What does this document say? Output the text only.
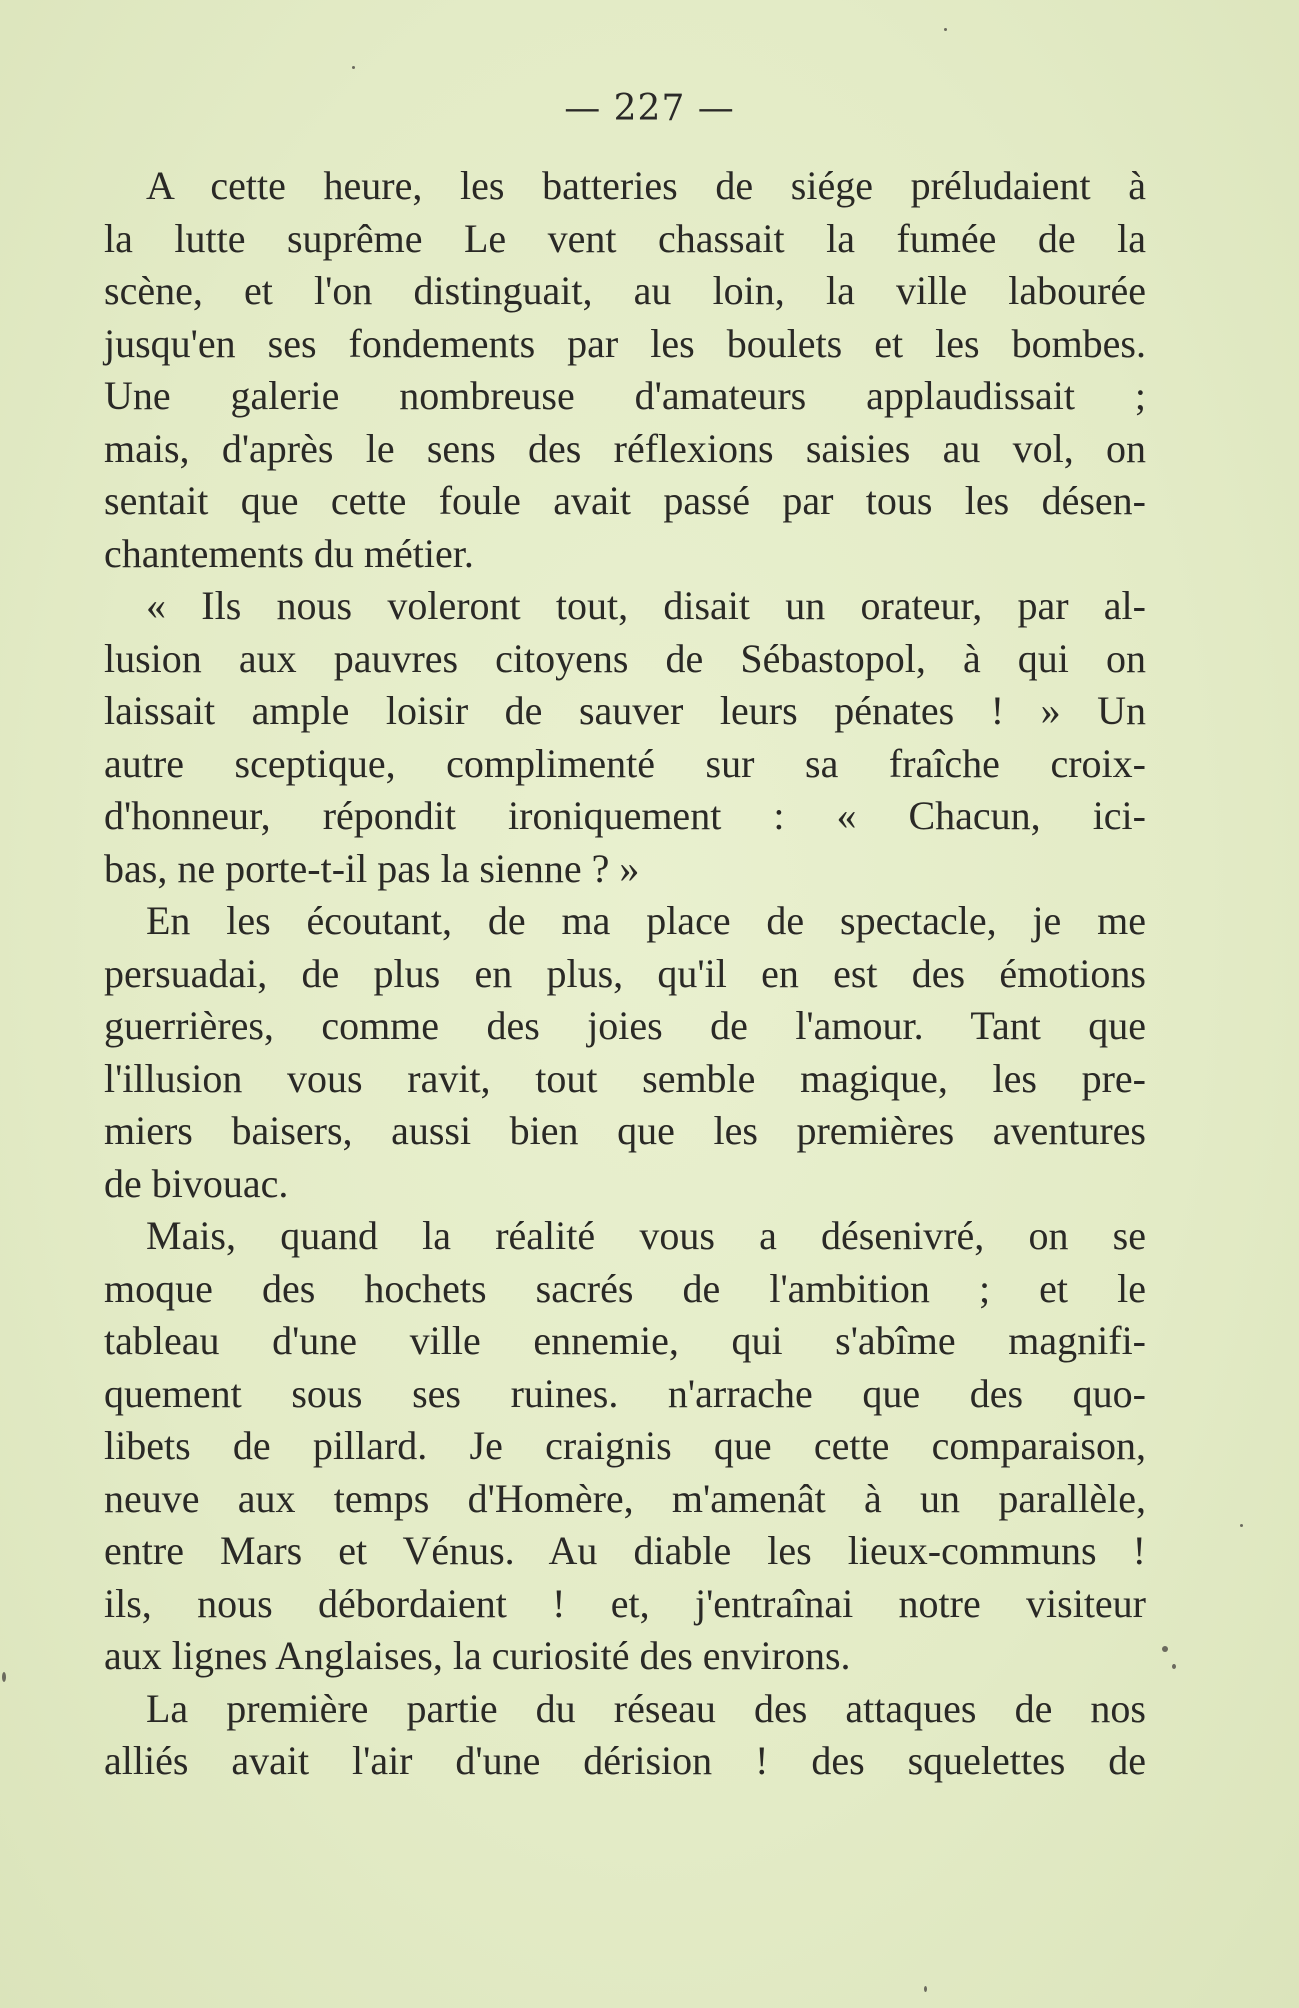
— 227 —

A cette heure, les batteries de siége préludaient à
la lutte suprême Le vent chassait la fumée de la
scène, et l'on distinguait, au loin, la ville labourée
jusqu'en ses fondements par les boulets et les bombes.
Une galerie nombreuse d'amateurs applaudissait ;
mais, d'après le sens des réflexions saisies au vol, on
sentait que cette foule avait passé par tous les désen-
chantements du métier.

« Ils nous voleront tout, disait un orateur, par al-
lusion aux pauvres citoyens de Sébastopol, à qui on
laissait ample loisir de sauver leurs pénates ! » Un
autre sceptique, complimenté sur sa fraîche croix-
d'honneur, répondit ironiquement : « Chacun, ici-
bas, ne porte-t-il pas la sienne ? »

En les écoutant, de ma place de spectacle, je me
persuadai, de plus en plus, qu'il en est des émotions
guerrières, comme des joies de l'amour. Tant que
l'illusion vous ravit, tout semble magique, les pre-
miers baisers, aussi bien que les premières aventures
de bivouac.

Mais, quand la réalité vous a désenivré, on se
moque des hochets sacrés de l'ambition ; et le
tableau d'une ville ennemie, qui s'abîme magnifi-
quement sous ses ruines. n'arrache que des quo-
libets de pillard. Je craignis que cette comparaison,
neuve aux temps d'Homère, m'amenât à un parallèle,
entre Mars et Vénus. Au diable les lieux-communs !
ils, nous débordaient ! et, j'entraînai notre visiteur
aux lignes Anglaises, la curiosité des environs.

La première partie du réseau des attaques de nos
alliés avait l'air d'une dérision ! des squelettes de
